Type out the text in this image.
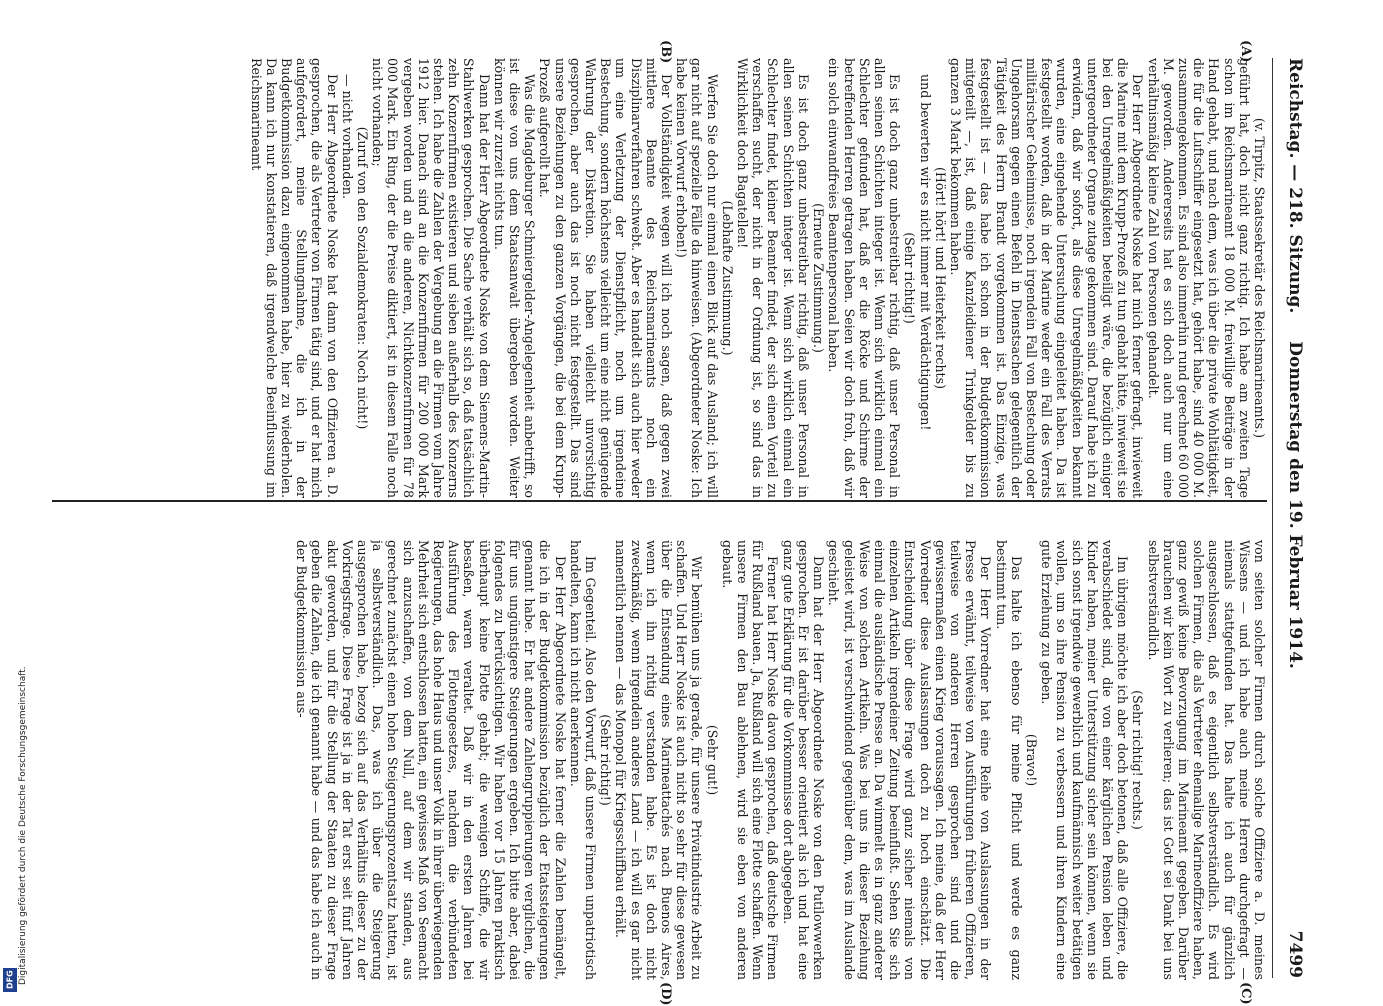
Reichstag. — 218. Sitzung.
Donnerstag den 19. Februar 1914.  7499
(A)
(B)
(C)
(D)

(v. Tirpitz, Staatssekretär des Reichsmarineamts.)

geführt hat, doch nicht ganz richtig. Ich habe am zweiten Tage schon im Reichsmarineamt 18 000 M. freiwillige Beiträge in der Hand gehabt, und nach dem, was ich über die private Wohltätigkeit, die für die Luftschiffer eingesetzt hat, gehört habe, sind 40 000 M. zusammengekommen. Es sind also immerhin rund gerechnet 60 000 M. geworden. Andererseits hat es sich doch auch nur um eine verhältnismäßig kleine Zahl von Personen gehandelt.

Der Herr Abgeordnete Noske hat mich ferner gefragt, inwieweit die Marine mit dem Krupp-Prozeß zu tun gehabt hätte, inwieweit sie bei den Unregelmäßigkeiten beteiligt wäre, die bezüglich einiger untergeordneter Organe zutage gekommen sind. Darauf habe ich zu erwidern, daß wir sofort, als diese Unregelmäßigkeiten bekannt wurden, eine eingehende Untersuchung eingeleitet haben. Da ist festgestellt worden, daß in der Marine weder ein Fall des Verrats militärischer Geheimnisse, noch irgendein Fall von Bestechung oder Ungehorsam gegen einen Befehl in Dienstsachen gelegentlich der Tätigkeit des Herrn Brandt vorgekommen ist. Das Einzige, was festgestellt ist — das habe ich schon in der Budgetkommission mitgeteilt —, ist, daß einige Kanzleidiener Trinkgelder bis zu ganzen 3 Mark bekommen haben.

(Hört! hört! und Heiterkeit rechts)

und bewerten wir es nicht immer mit Verdächtigungen!

(Sehr richtig!)

Es ist doch ganz unbestreitbar richtig, daß unser Personal in allen seinen Schichten integer ist. Wenn sich wirklich einmal ein Schlechter gefunden hat, daß er die Röcke und Schirme der betreffenden Herren getragen haben. Seien wir doch froh, daß wir ein solch einwandfreies Beamtenpersonal haben.

(Erneute Zustimmung.)

Es ist doch ganz unbestreitbar richtig, daß unser Personal in allen seinen Schichten integer ist. Wenn sich wirklich einmal ein Schlechter findet, kleiner Beamter findet, der sich einen Vorteil zu verschaffen sucht, der nicht in der Ordnung ist, so sind das in Wirklichkeit doch Bagatellen!

(Lebhafte Zustimmung.)

Werfen Sie doch nur einmal einen Blick auf das Ausland; ich will gar nicht auf spezielle Fälle da hinweisen. (Abgeordneter Noske: Ich habe keinen Vorwurf erhoben!)

Der Vollständigkeit wegen will ich noch sagen, daß gegen zwei mittlere Beamte des Reichsmarineamts noch ein Disziplinarverfahren schwebt. Aber es handelt sich auch hier weder um eine Verletzung der Dienstpflicht, noch um irgendeine Bestechung, sondern höchstens vielleicht um eine nicht genügende Wahrung der Diskretion. Sie haben vielleicht unvorsichtig gesprochen, aber auch das ist noch nicht festgestellt. Das sind unsere Beziehungen zu den ganzen Vorgängen, die bei dem Krupp-Prozeß aufgerollt hat.

Was die Magdeburger Schmiergelder-Angelegenheit anbetrifft, so ist diese von uns dem Staatsanwalt übergeben worden. Weiter können wir zurzeit nichts tun.

Dann hat der Herr Abgeordnete Noske von dem Siemens-Martin-Stahlwerken gesprochen. Die Sache verhält sich so, daß tatsächlich zehn Konzernfirmen existieren und sieben außerhalb des Konzerns stehen. Ich habe die Zahlen der Vergebung an die Firmen vom Jahre 1912 hier. Danach sind an die Konzernfirmen für 200 000 Mark vergeben worden und an die anderen, Nichtkonzernfirmen für 78 000 Mark. Ein Ring, der die Preise diktiert, ist in diesem Falle noch nicht vorhanden;

(Zuruf von den Sozialdemokraten: Noch nicht!)

— nicht vorhanden.

Der Herr Abgeordnete Noske hat dann von den Offizieren a. D. gesprochen, die als Vertreter von Firmen tätig sind, und er hat mich aufgefordert, meine Stellungnahme, die ich in der Budgetkommission dazu eingenommen habe, hier zu wiederholen. Da kann ich nur konstatieren, daß irgendwelche Beeinflussung im Reichsmarineamt

von seiten solcher Firmen durch solche Offiziere a. D. meines Wissens — und ich habe auch meine Herren durchgefragt — niemals stattgefunden hat. Das halte ich auch für gänzlich ausgeschlossen, daß es eigentlich selbstverständlich. Es wird solchen Firmen, die als Vertreter ehemalige Marineoffiziere haben, ganz gewiß keine Bevorzugung im Marineamt gegeben. Darüber brauchen wir kein Wort zu verlieren; das ist Gott sei Dank bei uns selbstverständlich.

(Sehr richtig! rechts.)

Im übrigen möchte ich aber doch betonen, daß alle Offiziere, die verabschiedet sind, die von einer kärglichen Pension leben und Kinder haben, meiner Unterstützung sicher sein können, wenn sie sich sonst irgendwie gewerblich und kaufmännisch weiter betätigen wollen, um so ihre Pension zu verbessern und ihren Kindern eine gute Erziehung zu geben.

(Bravo!)

Das halte ich ebenso für meine Pflicht und werde es ganz bestimmt tun.

Der Herr Vorredner hat eine Reihe von Auslassungen in der Presse erwähnt, teilweise von Ausführungen früheren Offizieren, teilweise von anderen Herren gesprochen sind und die gewissermaßen einen Krieg voraussagen. Ich meine, daß der Herr Vorredner diese Auslassungen doch zu hoch einschätzt. Die Entscheidung über diese Frage wird ganz sicher niemals von einzelnen Artikeln irgendeiner Zeitung beeinflußt. Sehen Sie sich einmal die ausländische Presse an. Da wimmelt es in ganz anderer Weise von solchen Artikeln. Was bei uns in dieser Beziehung geleistet wird, ist verschwindend gegenüber dem, was im Auslande geschieht.

Dann hat der Herr Abgeordnete Noske von den Putilowwerken gesprochen. Er ist darüber besser orientiert als ich und hat eine ganz gute Erklärung für die Vorkommnisse dort abgegeben.

Ferner hat Herr Noske davon gesprochen, daß deutsche Firmen für Rußland bauen. Ja, Rußland will sich eine Flotte schaffen. Wenn unsere Firmen den Bau ablehnen, wird sie eben von anderen gebaut.

(Sehr gut!)

Wir bemühen uns ja gerade, für unsere Privatindustrie Arbeit zu schaffen. Und Herr Noske ist auch nicht so sehr für diese gewesen über die Entsendung eines Marineattachés nach Buenos Aires, wenn ich ihn richtig verstanden habe. Es ist doch nicht zweckmäßig, wenn irgendein anderes Land — ich will es gar nicht namentlich nennen — das Monopol für Kriegsschiffbau erhält.

(Sehr richtig!)

Im Gegenteil. Also den Vorwurf, daß unsere Firmen unpatriotisch handelten, kann ich nicht anerkennen.

Der Herr Abgeordnete Noske hat ferner die Zahlen bemängelt, die ich in der Budgetkommission bezüglich der Etatssteigerungen genannt habe. Er hat andere Zahlengruppierungen verglichen, die für uns ungünstigere Steigerungen ergeben. Ich bitte aber, dabei folgendes zu berücksichtigen. Wir haben vor 15 Jahren praktisch überhaupt keine Flotte gehabt; die wenigen Schiffe, die wir besaßen, waren veraltet. Daß wir in den ersten Jahren bei Ausführung des Flottengesetzes, nachdem die verbündeten Regierungen, das hohe Haus und unser Volk in ihrer überwiegenden Mehrheit sich entschlossen hatten, ein gewisses Maß von Seemacht sich anzuschaffen, von dem Null, auf dem wir standen, aus gerechnet zunächst einen hohen Steigerungsprozentsatz hatten, ist ja selbstverständlich. Das, was ich über die Steigerung ausgesprochen habe, bezog sich auf das Verhältnis dieser zu der Vorkriegsfrage. Diese Frage ist ja in der Tat erst seit fünf Jahren akut geworden, und für die Stellung der Staaten zu dieser Frage geben die Zahlen, die ich genannt habe — und das habe ich auch in der Budgetkommission aus-

DFG Digitalisierung gefördert durch die Deutsche Forschungsgemeinschaft.
